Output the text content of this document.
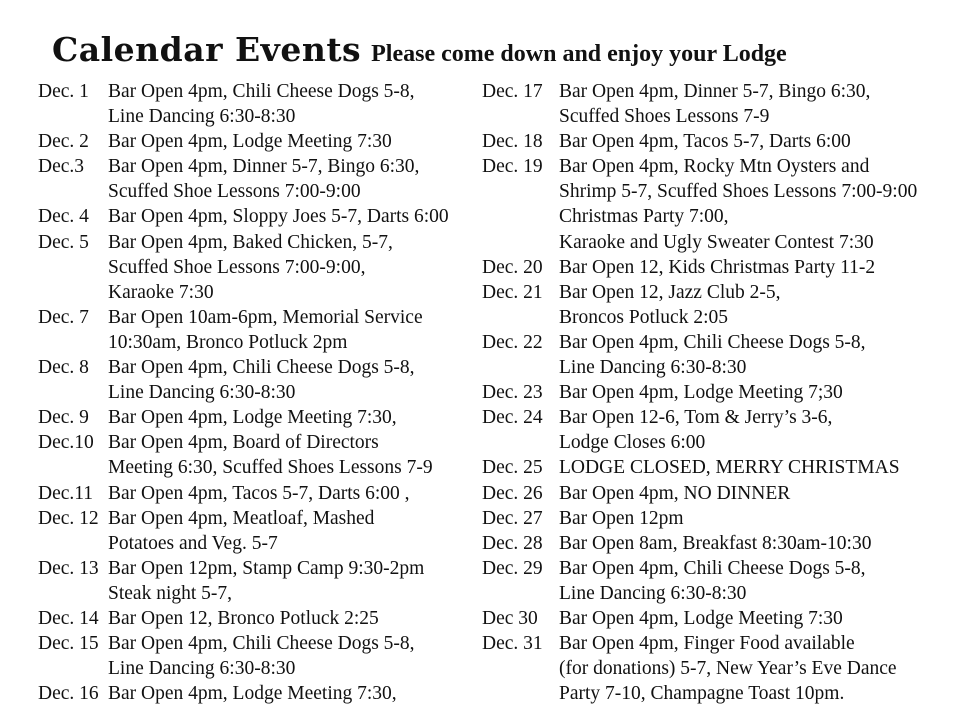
Calendar Events Please come down and enjoy your Lodge
Dec. 1 Bar Open 4pm, Chili Cheese Dogs 5-8,
Line Dancing 6:30-8:30
Dec. 2 Bar Open 4pm, Lodge Meeting 7:30
Dec.3	Bar Open 4pm, Dinner 5-7, Bingo 6:30,
Scuffed Shoe Lessons 7:00-9:00
Dec. 4 Bar Open 4pm, Sloppy Joes 5-7, Darts 6:00
Dec. 5 Bar Open 4pm, Baked Chicken, 5-7,
Scuffed Shoe Lessons 7:00-9:00,
Karaoke 7:30
Dec. 7 Bar Open 10am-6pm, Memorial Service
10:30am, Bronco Potluck 2pm
Dec. 8 Bar Open 4pm, Chili Cheese Dogs 5-8,
Line Dancing 6:30-8:30
Dec. 9 Bar Open 4pm, Lodge Meeting 7:30,
Dec.10 Bar Open 4pm, Board of Directors
Meeting 6:30, Scuffed Shoes Lessons 7-9
Dec.11 Bar Open 4pm, Tacos 5-7, Darts 6:00 ,
Dec. 12 Bar Open 4pm, Meatloaf, Mashed
Potatoes and Veg. 5-7
Dec. 13 Bar Open 12pm, Stamp Camp 9:30-2pm
Steak night 5-7,
Dec. 14 Bar Open 12, Bronco Potluck 2:25
Dec. 15 Bar Open 4pm, Chili Cheese Dogs 5-8,
Line Dancing 6:30-8:30
Dec. 16 Bar Open 4pm, Lodge Meeting 7:30,
Dec. 17 Bar Open 4pm, Dinner 5-7, Bingo 6:30,
Scuffed Shoes Lessons 7-9
Dec. 18 Bar Open 4pm, Tacos 5-7, Darts 6:00
Dec. 19 Bar Open 4pm, Rocky Mtn Oysters and
Shrimp 5-7, Scuffed Shoes Lessons 7:00-9:00
Christmas Party 7:00,
Karaoke and Ugly Sweater Contest 7:30
Dec. 20 Bar Open 12, Kids Christmas Party 11-2
Dec. 21 Bar Open 12, Jazz Club 2-5,
Broncos Potluck 2:05
Dec. 22 Bar Open 4pm, Chili Cheese Dogs 5-8,
Line Dancing 6:30-8:30
Dec. 23 Bar Open 4pm, Lodge Meeting 7;30
Dec. 24 Bar Open 12-6, Tom & Jerry’s 3-6,
Lodge Closes 6:00
Dec. 25 LODGE CLOSED, MERRY CHRISTMAS
Dec. 26 Bar Open 4pm, NO DINNER
Dec. 27 Bar Open 12pm
Dec. 28 Bar Open 8am, Breakfast 8:30am-10:30
Dec. 29 Bar Open 4pm, Chili Cheese Dogs 5-8,
Line Dancing 6:30-8:30
Dec 30	Bar Open 4pm, Lodge Meeting 7:30
Dec. 31 Bar Open 4pm, Finger Food available
(for donations) 5-7, New Year’s Eve Dance
Party 7-10, Champagne Toast 10pm.
